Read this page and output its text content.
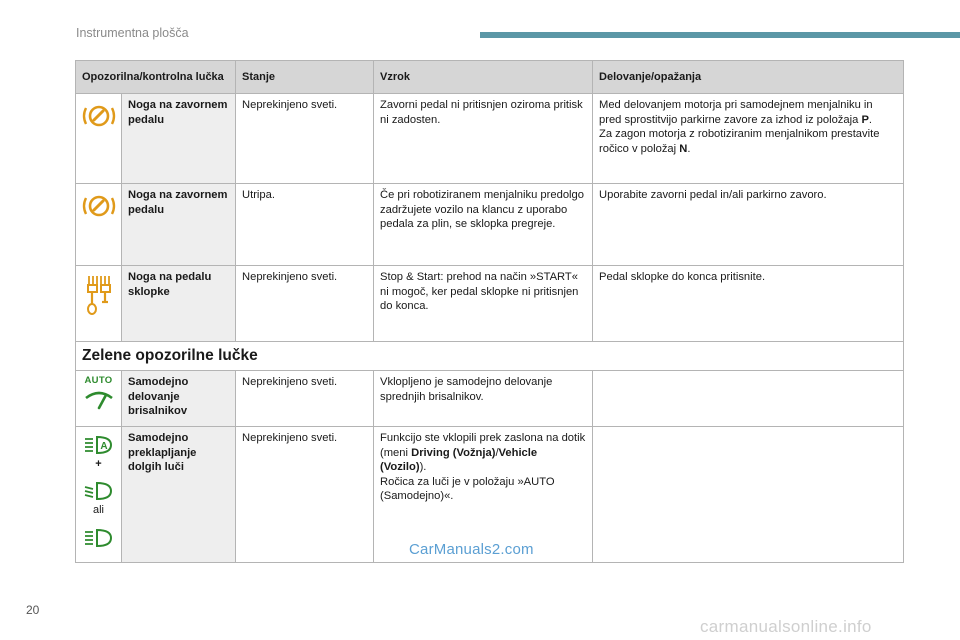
Instrumentna plošča
Opozorilna/kontrolna lučka		Stanje	Vzrok	Delovanje/opažanja
	Noga na zavornem pedalu	Neprekinjeno sveti.	Zavorni pedal ni pritisnjen oziroma pritisk ni zadosten.	Med delovanjem motorja pri samodejnem menjalniku in pred sprostitvijo parkirne zavore za izhod iz položaja P.
Za zagon motorja z robotiziranim menjalnikom prestavite ročico v položaj N.
	Noga na zavornem pedalu	Utripa.	Če pri robotiziranem menjalniku predolgo zadržujete vozilo na klancu z uporabo pedala za plin, se sklopka pregreje.	Uporabite zavorni pedal in/ali parkirno zavoro.
	Noga na pedalu sklopke	Neprekinjeno sveti.	Stop & Start: prehod na način »START« ni mogoč, ker pedal sklopke ni pritisnjen do konca.	Pedal sklopke do konca pritisnite.
Zelene opozorilne lučke				

AUTO	Samodejno delovanje brisalnikov	Neprekinjeno sveti.	Vklopljeno je samodejno delovanje sprednjih brisalnikov.	

A
+
ali	Samodejno preklapljanje dolgih luči	Neprekinjeno sveti.	Funkcijo ste vklopili prek zaslona na dotik (meni Driving (Vožnja)/Vehicle (Vozilo)).
Ročica za luči je v položaju »AUTO (Samodejno)«.	
CarManuals2.com
20
carmanualsonline.info
